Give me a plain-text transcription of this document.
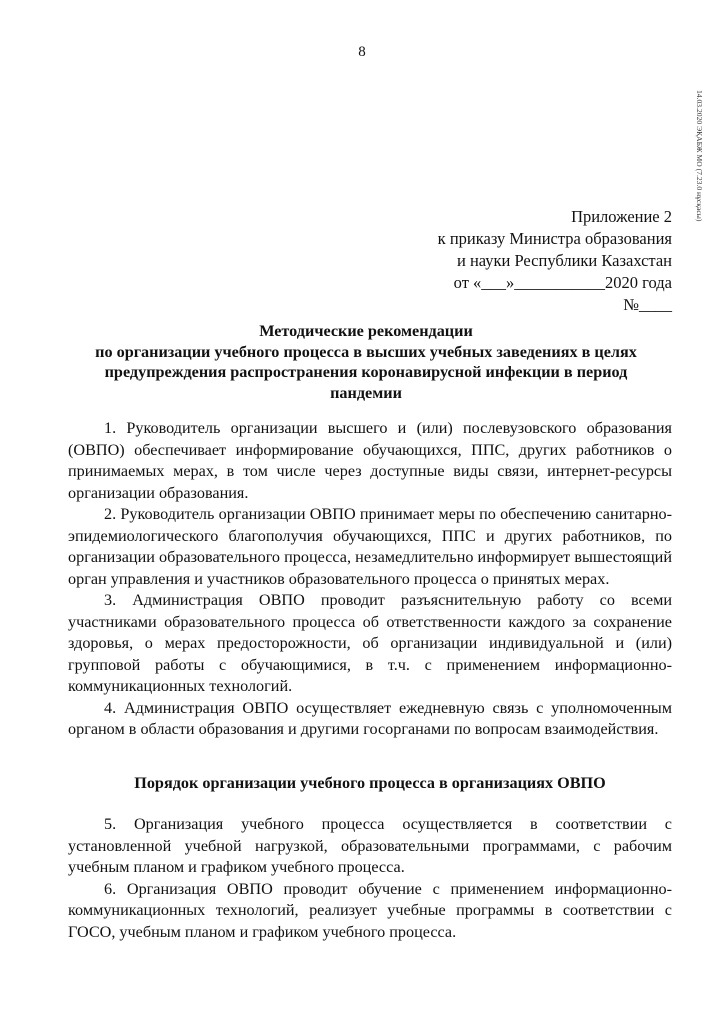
8
14.03.2020 ЭҚАБЖ МО (7.23.0 нұсқасы)
Приложение 2
к приказу Министра образования
и науки Республики Казахстан
от «___»___________2020 года
№____
Методические рекомендации
по организации учебного процесса в высших учебных заведениях в целях
предупреждения распространения коронавирусной инфекции в период
пандемии

1. Руководитель организации высшего и (или) послевузовского образования (ОВПО) обеспечивает информирование обучающихся, ППС, других работников о принимаемых мерах, в том числе через доступные виды связи, интернет-ресурсы организации образования.

2. Руководитель организации ОВПО принимает меры по обеспечению санитарно-эпидемиологического благополучия обучающихся, ППС и других работников, по организации образовательного процесса, незамедлительно информирует вышестоящий орган управления и участников образовательного процесса о принятых мерах.

3. Администрация ОВПО проводит разъяснительную работу со всеми участниками образовательного процесса об ответственности каждого за сохранение здоровья, о мерах предосторожности, об организации индивидуальной и (или) групповой работы с обучающимися, в т.ч. с применением информационно-коммуникационных технологий.

4. Администрация ОВПО осуществляет ежедневную связь с уполномоченным органом в области образования и другими госорганами по вопросам взаимодействия.

Порядок организации учебного процесса в организациях ОВПО

5. Организация учебного процесса осуществляется в соответствии с установленной учебной нагрузкой, образовательными программами, с рабочим учебным планом и графиком учебного процесса.

6. Организация ОВПО проводит обучение с применением информационно-коммуникационных технологий, реализует учебные программы в соответствии с ГОСО, учебным планом и графиком учебного процесса.
